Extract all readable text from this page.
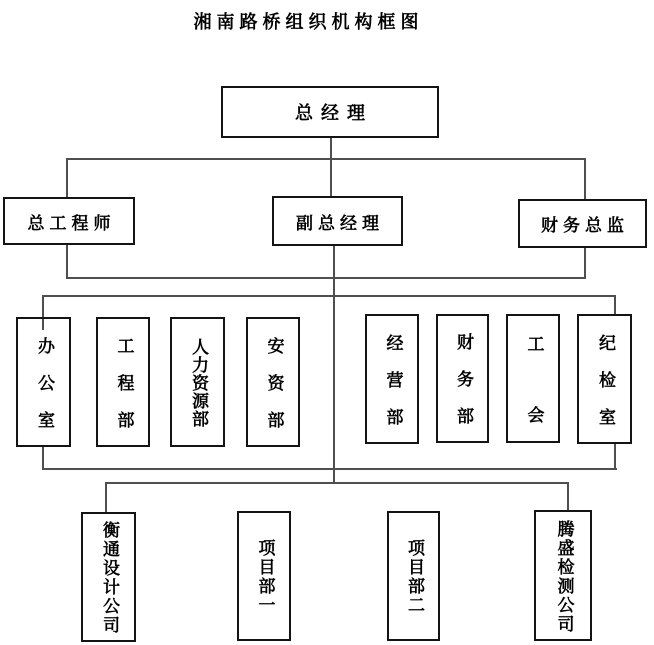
湘南路桥组织机构框图
总经理
总工程师	副总经理	财务总监
办公室	工程部	人力资源部	安资部	经营部	财务部	工会	纪检室
衡通设计公司	项目部一	项目部二	腾盛检测公司
